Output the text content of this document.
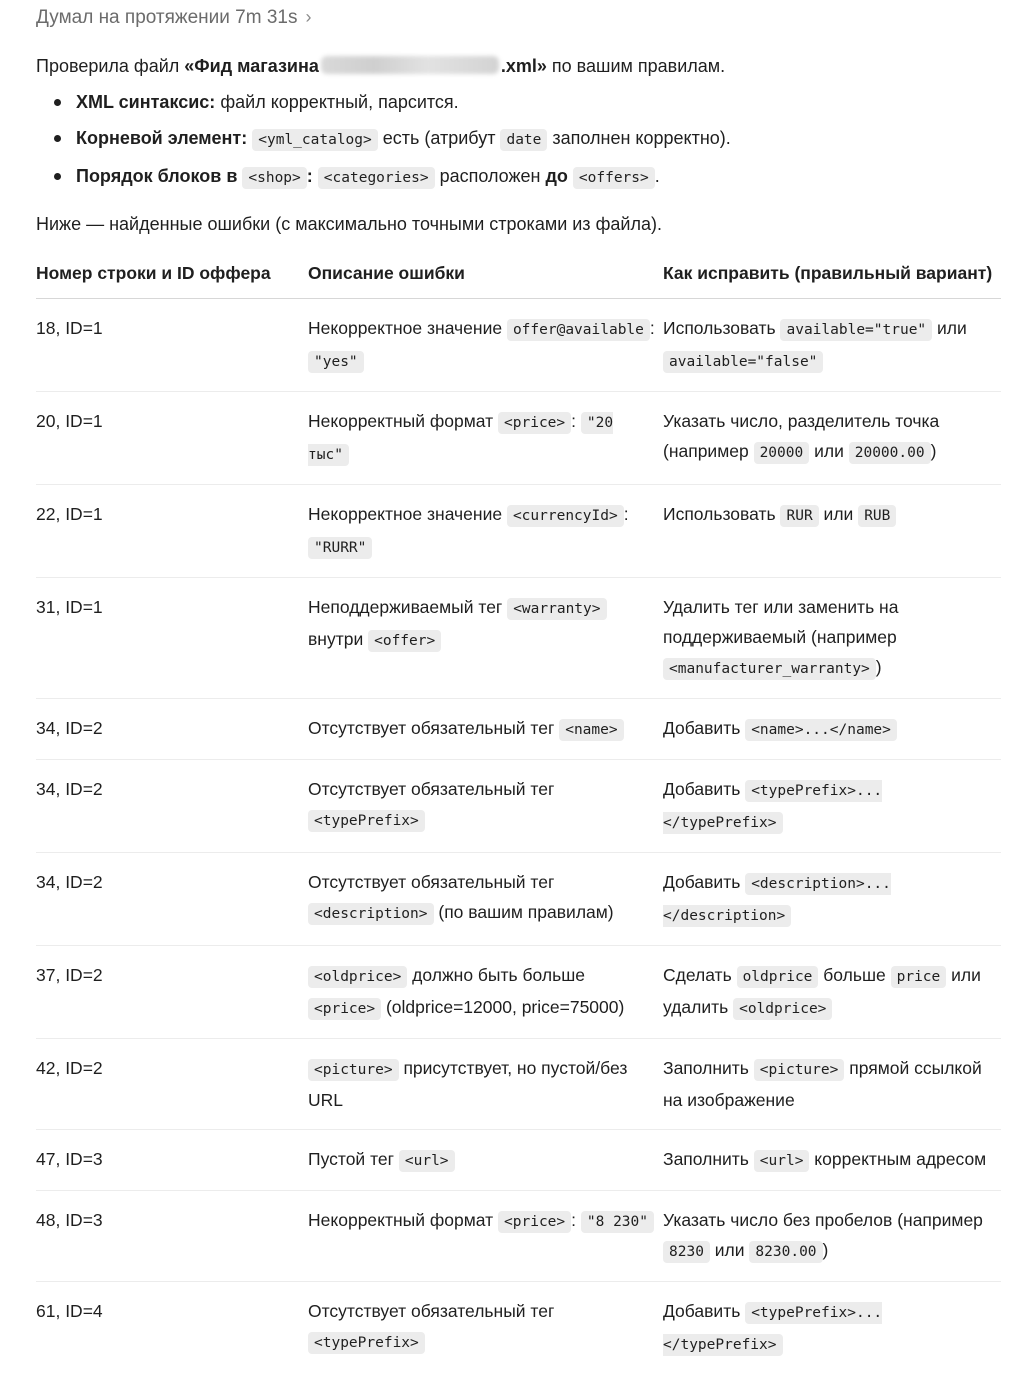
Думал на протяжении 7m 31s ›
Проверила файл «Фид магазина	.xml» по вашим правилам.
XML синтаксис: файл корректный, парсится.
Корневой элемент: <yml_catalog> есть (атрибут date заполнен корректно).
Порядок блоков в <shop> : <categories> расположен до <offers> .
Ниже — найденные ошибки (с максимально точными строками из файла).
Номер строки и ID оффера	Описание ошибки	Как исправить (правильный вариант)
18, ID=1	Некорректное значение offer@available : "yes"	Использовать available="true" или available="false"
20, ID=1	Некорректный формат <price> : "20 тыс"	Указать число, разделитель точка (например 20000 или 20000.00 )
22, ID=1	Некорректное значение <currencyId> : "RURR"	Использовать RUR или RUB
31, ID=1	Неподдерживаемый тег <warranty> внутри <offer>	Удалить тег или заменить на поддерживаемый (например <manufacturer_warranty> )
34, ID=2	Отсутствует обязательный тег <name>	Добавить <name>...</name>
34, ID=2	Отсутствует обязательный тег <typePrefix>	Добавить <typePrefix>...</typePrefix>
34, ID=2	Отсутствует обязательный тег <description> (по вашим правилам)	Добавить <description>... </description>
37, ID=2	<oldprice> должно быть больше <price> (oldprice=12000, price=75000)	Сделать oldprice больше price или удалить <oldprice>
42, ID=2	<picture> присутствует, но пустой/без URL	Заполнить <picture> прямой ссылкой на изображение
47, ID=3	Пустой тег <url>	Заполнить <url> корректным адресом
48, ID=3	Некорректный формат <price> : "8 230"	Указать число без пробелов (например 8230 или 8230.00 )
61, ID=4	Отсутствует обязательный тег <typePrefix>	Добавить <typePrefix>...</typePrefix>
